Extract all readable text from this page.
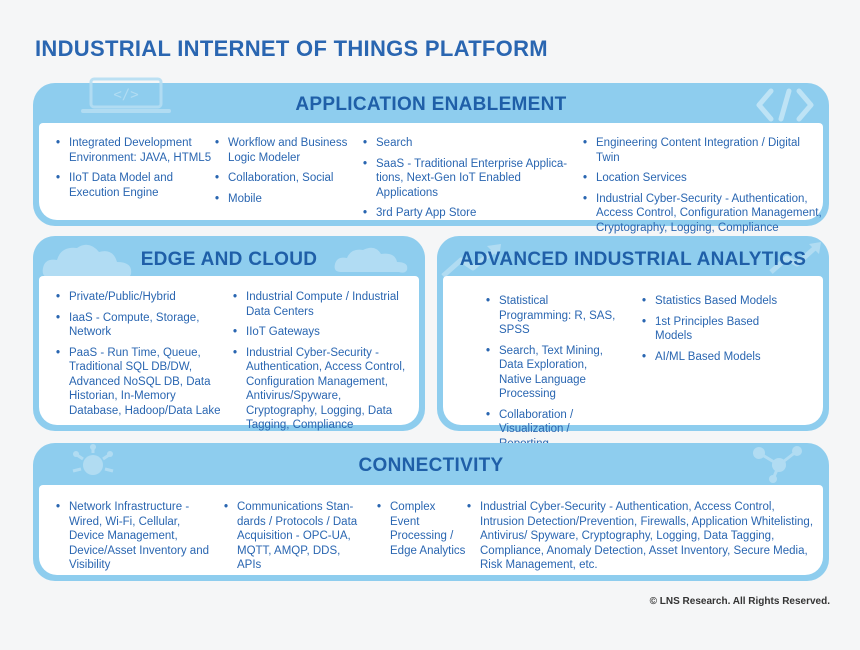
INDUSTRIAL INTERNET OF THINGS PLATFORM
</>	APPLICATION ENABLEMENT
• Integrated Development Environment: JAVA, HTML5
• IIoT Data Model and Execution Engine
• Workflow and Business Logic Modeler
• Collaboration, Social
• Mobile
• Search
• SaaS - Traditional Enterprise Applica-tions, Next-Gen IoT Enabled Applications
• 3rd Party App Store
• Engineering Content Integration / Digital Twin
• Location Services
• Industrial Cyber-Security - Authentication, Access Control, Configuration Management, Cryptography, Logging, Compliance
EDGE AND CLOUD
• Private/Public/Hybrid
• IaaS - Compute, Storage, Network
• PaaS - Run Time, Queue, Traditional SQL DB/DW, Advanced NoSQL DB, Data Historian, In-Memory Database, Hadoop/Data Lake
• Industrial Compute / Industrial Data Centers
• IIoT Gateways
• Industrial Cyber-Security - Authentication, Access Control, Configuration Management, Antivirus/Spyware, Cryptography, Logging, Data Tagging, Compliance
ADVANCED INDUSTRIAL ANALYTICS
• Statistical Programming: R, SAS, SPSS
• Search, Text Mining, Data Exploration, Native Language Processing
• Collaboration / Visualization /
• Statistics Based Models
• 1st Principles Based Models
• AI/ML Based Models
CONNECTIVITY
• Network Infrastructure - Wired, Wi-Fi, Cellular, Device Management, Device/Asset Inventory and Visibility
• Communications Stan-dards / Protocols / Data Acquisition - OPC-UA, MQTT, AMQP, DDS, APIs
• Complex Event Processing / Edge Analytics
• Industrial Cyber-Security - Authentication, Access Control, Intrusion Detection/Prevention, Firewalls, Application Whitelisting, Antivirus/ Spyware, Cryptography, Logging, Data Tagging, Compliance, Anomaly Detection, Asset Inventory, Secure Media, Risk Management, etc.
© LNS Research. All Rights Reserved.
